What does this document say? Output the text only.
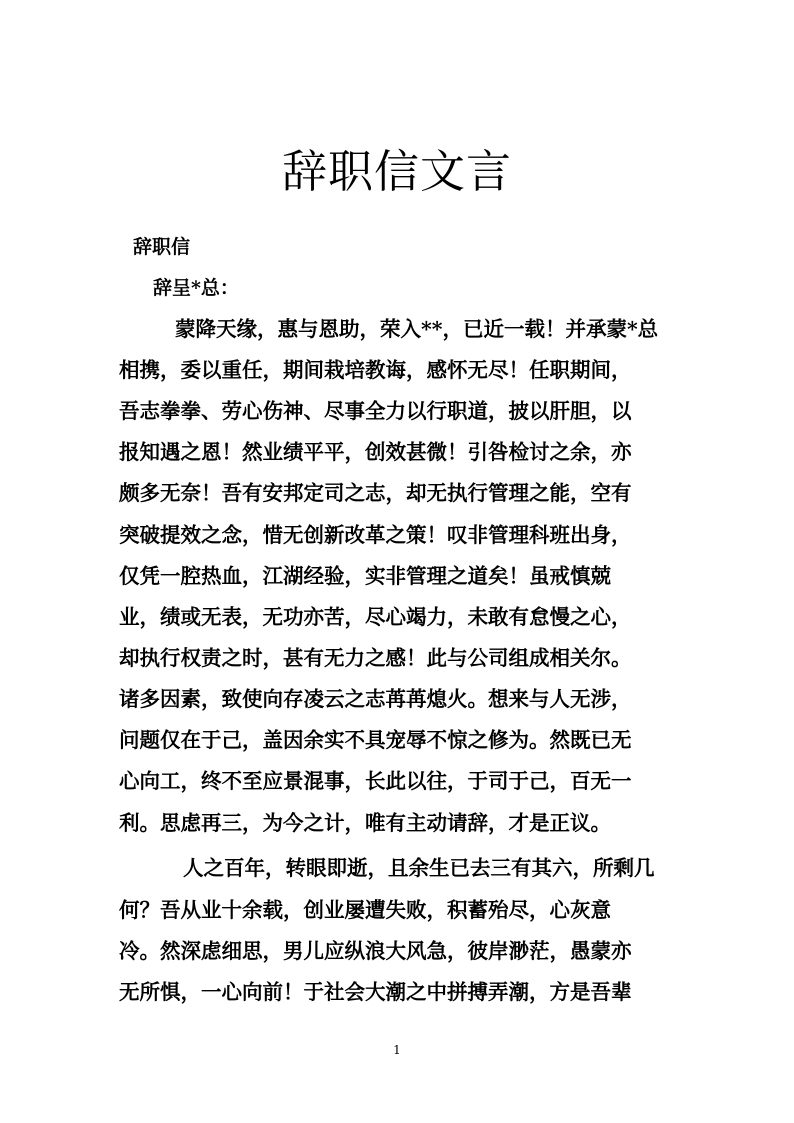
辞职信文言
辞职信
辞呈*总：
蒙降天缘，惠与恩助，荣入**，已近一载！并承蒙*总
相携，委以重任，期间栽培教诲，感怀无尽！任职期间，
吾志拳拳、劳心伤神、尽事全力以行职道，披以肝胆，以
报知遇之恩！然业绩平平，创效甚微！引咎检讨之余，亦
颇多无奈！吾有安邦定司之志，却无执行管理之能，空有
突破提效之念，惜无创新改革之策！叹非管理科班出身，
仅凭一腔热血，江湖经验，实非管理之道矣！虽戒慎兢
业，绩或无表，无功亦苦，尽心竭力，未敢有怠慢之心，
却执行权责之时，甚有无力之感！此与公司组成相关尔。
诸多因素，致使向存凌云之志苒苒熄火。想来与人无涉，
问题仅在于己，盖因余实不具宠辱不惊之修为。然既已无
心向工，终不至应景混事，长此以往，于司于己，百无一
利。思虑再三，为今之计，唯有主动请辞，才是正议。
人之百年，转眼即逝，且余生已去三有其六，所剩几
何？吾从业十余载，创业屡遭失败，积蓄殆尽，心灰意
冷。然深虑细思，男儿应纵浪大风急，彼岸渺茫，愚蒙亦
无所惧，一心向前！于社会大潮之中拼搏弄潮，方是吾辈
1
